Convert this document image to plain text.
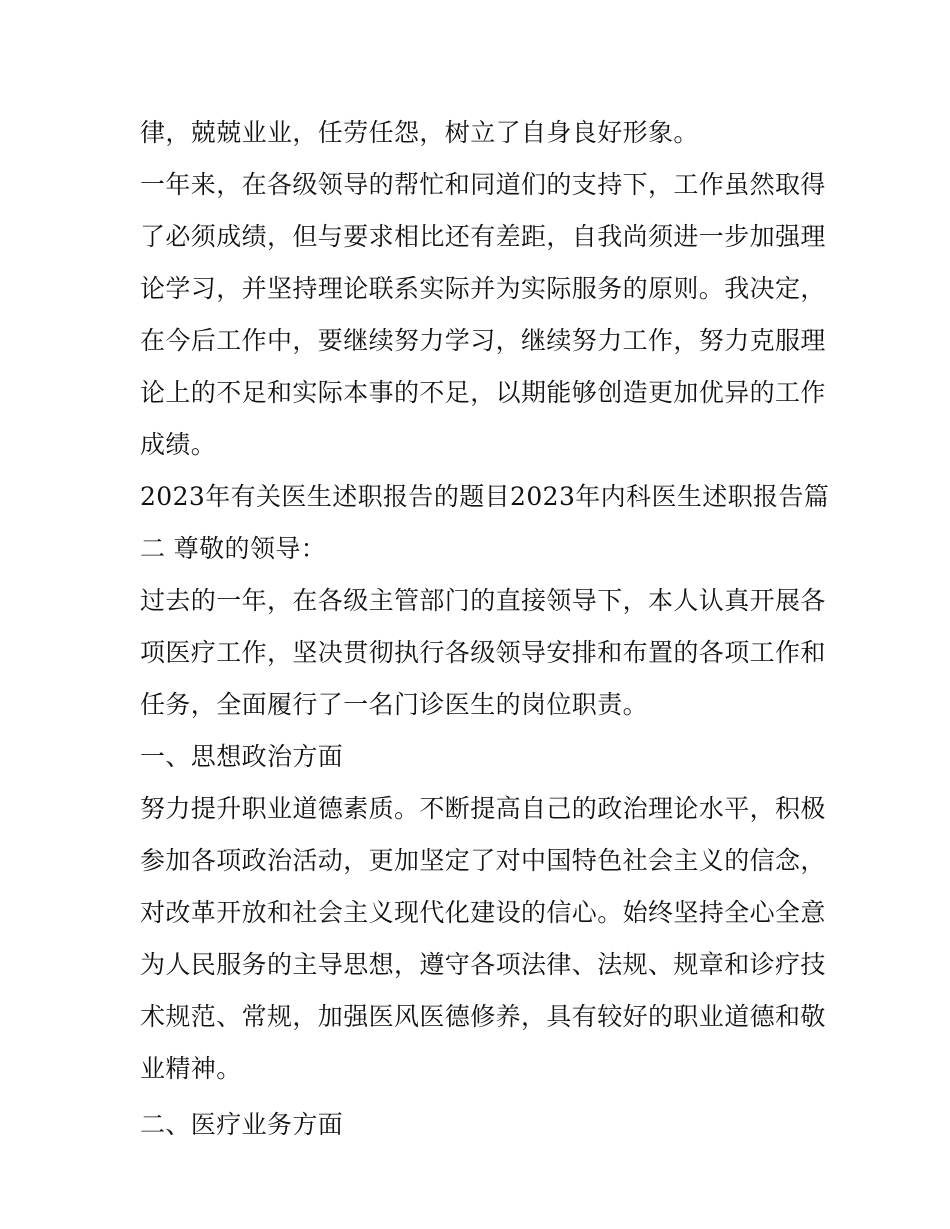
律，兢兢业业，任劳任怨，树立了自身良好形象。
一年来，在各级领导的帮忙和同道们的支持下，工作虽然取得
了必须成绩，但与要求相比还有差距，自我尚须进一步加强理
论学习，并坚持理论联系实际并为实际服务的原则。我决定，
在今后工作中，要继续努力学习，继续努力工作，努力克服理
论上的不足和实际本事的不足，以期能够创造更加优异的工作
成绩。
2023年有关医生述职报告的题目2023年内科医生述职报告篇
二 尊敬的领导：
过去的一年，在各级主管部门的直接领导下，本人认真开展各
项医疗工作，坚决贯彻执行各级领导安排和布置的各项工作和
任务，全面履行了一名门诊医生的岗位职责。
一、思想政治方面
努力提升职业道德素质。不断提高自己的政治理论水平，积极
参加各项政治活动，更加坚定了对中国特色社会主义的信念，
对改革开放和社会主义现代化建设的信心。始终坚持全心全意
为人民服务的主导思想，遵守各项法律、法规、规章和诊疗技
术规范、常规，加强医风医德修养，具有较好的职业道德和敬
业精神。
二、医疗业务方面
